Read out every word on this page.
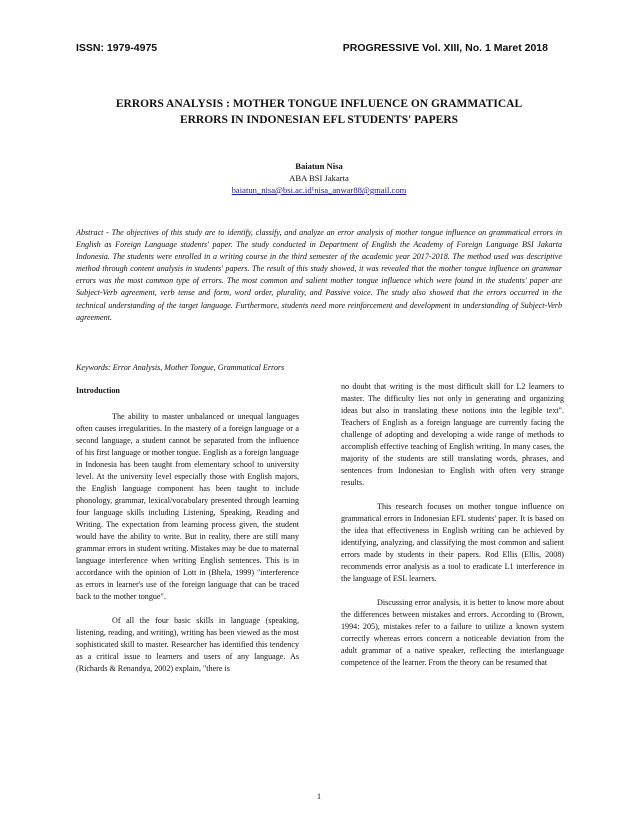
ISSN: 1979-4975	PROGRESSIVE Vol. XIII, No. 1 Maret 2018
ERRORS ANALYSIS : MOTHER TONGUE INFLUENCE ON GRAMMATICAL
ERRORS IN INDONESIAN EFL STUDENTS' PAPERS
Baiatun Nisa
ABA BSI Jakarta
baiatun_nisa@bsi.ac.id¹nisa_anwar88@gmail.com
Abstract - The objectives of this study are to identify, classify, and analyze an error analysis of mother tongue influence on grammatical errors in English as Foreign Language students' paper. The study conducted in Department of English the Academy of Foreign Language BSI Jakarta Indonesia. The students were enrolled in a writing course in the third semester of the academic year 2017-2018. The method used was descriptive method through content analysis in students' papers. The result of this study showed, it was revealed that the mother tongue influence on grammar errors was the most common type of errors. The most common and salient mother tongue influence which were found in the students' paper are Subject-Verb agreement, verb tense and form, word order, plurality, and Passive voice. The study also showed that the errors occurred in the technical understanding of the target language. Furthermore, students need more reinforcement and development in understanding of Subject-Verb agreement.
Keywords: Error Analysis, Mother Tongue, Grammatical Errors
Introduction

The ability to master unbalanced or unequal languages often causes irregularities. In the mastery of a foreign language or a second language, a student cannot be separated from the influence of his first language or mother tongue. English as a foreign language in Indonesia has been taught from elementary school to university level. At the university level especially those with English majors, the English language component has been taught to include phonology, grammar, lexical/vocabulary presented through learning four language skills including Listening, Speaking, Reading and Writing. The expectation from learning process given, the student would have the ability to write. But in reality, there are still many grammar errors in student writing. Mistakes may be due to maternal language interference when writing English sentences. This is in accordance with the opinion of Lott in (Bhela, 1999) "interference as errors in learner's use of the foreign language that can be traced back to the mother tongue".

Of all the four basic skills in language (speaking, listening, reading, and writing), writing has been viewed as the most sophisticated skill to master. Researcher has identified this tendency as a critical issue to learners and users of any language. As (Richards & Renandya, 2002) explain, "there is

no doubt that writing is the most difficult skill for L2 learners to master. The difficulty lies not only in generating and organizing ideas but also in translating these notions into the legible text". Teachers of English as a foreign language are currently facing the challenge of adopting and developing a wide range of methods to accomplish effective teaching of English writing. In many cases, the majority of the students are still translating words, phrases, and sentences from Indonesian to English with often very strange results.

This research focuses on mother tongue influence on grammatical errors in Indonesian EFL students' paper. It is based on the idea that effectiveness in English writing can be achieved by identifying, analyzing, and classifying the most common and salient errors made by students in their papers. Rod Ellis (Ellis, 2008) recommends error analysis as a tool to eradicate L1 interference in the language of ESL learners.

Discussing error analysis, it is better to know more about the differences between mistakes and errors. According to (Brown, 1994: 205), mistakes refer to a failure to utilize a known system correctly whereas errors concern a noticeable deviation from the adult grammar of a native speaker, reflecting the interlanguage competence of the learner. From the theory can be resumed that

1
